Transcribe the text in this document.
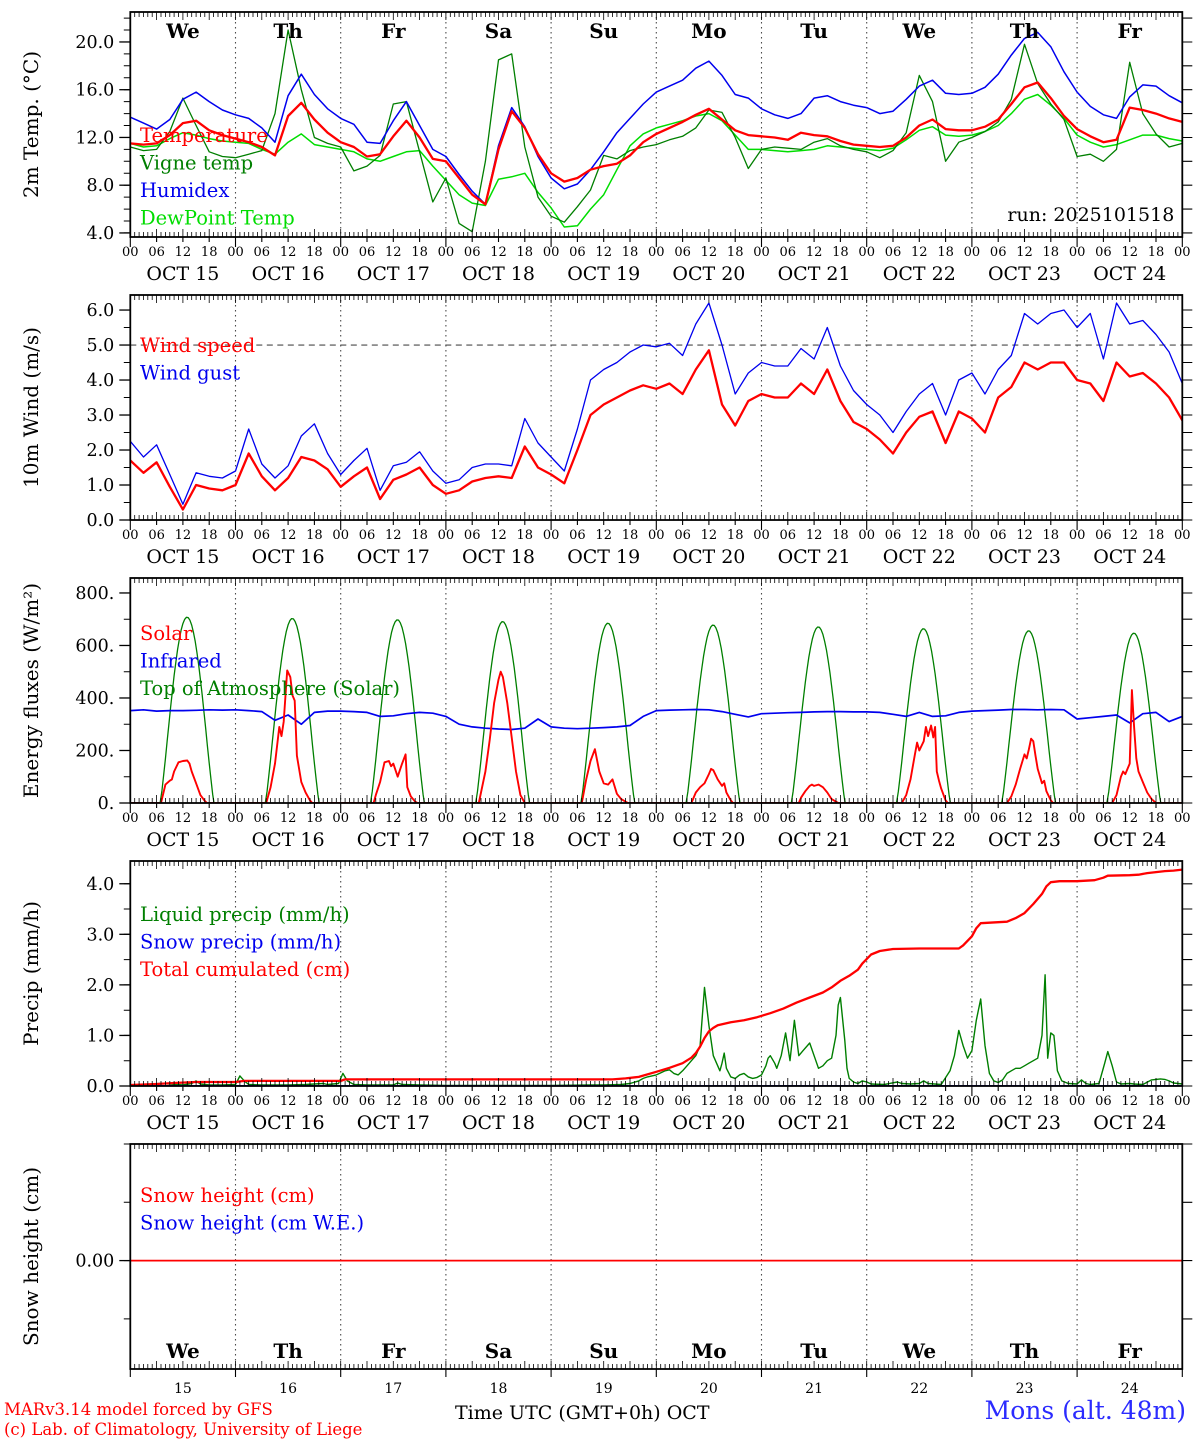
4.0
8.0
12.0
16.0
20.0
2m Temp. (°C)	Temperature
Vigne temp
Humidex
DewPoint Temp
We	Th	Fr	Sa	Su	Mo	Tu	We	Th	Fr
00 06 12 18 00 06 12 18 00 06 12 18 00 06 12 18 00 06 12 18 00 06 12 18 00 06 12 18 00 06 12 18 00 06 12 18 00 06 12 18 00
OCT 15 OCT 16 OCT 17 OCT 18 OCT 19 OCT 20 OCT 21 OCT 22 OCT 23 OCT 24
run: 2025101518
0.0
1.0
2.0
3.0
4.0
5.0
6.0
10m Wind (m/s)	Wind speed
Wind gust
00 06 12 18 00 06 12 18 00 06 12 18 00 06 12 18 00 06 12 18 00 06 12 18 00 06 12 18 00 06 12 18 00 06 12 18 00 06 12 18 00
OCT 15 OCT 16 OCT 17 OCT 18 OCT 19 OCT 20 OCT 21 OCT 22 OCT 23 OCT 24
0.
200.
400.
600.
800.
Energy fluxes (W/m²)	Solar
Infrared
Top of Atmosphere (Solar)
00 06 12 18 00 06 12 18 00 06 12 18 00 06 12 18 00 06 12 18 00 06 12 18 00 06 12 18 00 06 12 18 00 06 12 18 00 06 12 18 00
OCT 15 OCT 16 OCT 17 OCT 18 OCT 19 OCT 20 OCT 21 OCT 22 OCT 23 OCT 24
0.0
1.0
2.0
3.0
4.0
Precip (mm/h)	Liquid precip (mm/h)
Snow precip (mm/h)
Total cumulated (cm)
00 06 12 18 00 06 12 18 00 06 12 18 00 06 12 18 00 06 12 18 00 06 12 18 00 06 12 18 00 06 12 18 00 06 12 18 00 06 12 18 00
OCT 15 OCT 16 OCT 17 OCT 18 OCT 19 OCT 20 OCT 21 OCT 22 OCT 23 OCT 24
0.00
Snow height (cm)	Snow height (cm)
Snow height (cm W.E.)
We	Th	Fr	Sa	Su	Mo	Tu	We	Th	Fr
15	16	17	18	19	20	21	22	23	24
MARv3.14 model forced by GFS
(c) Lab. of Climatology, University of Liege
Time UTC (GMT+0h) OCT	Mons (alt. 48m)
